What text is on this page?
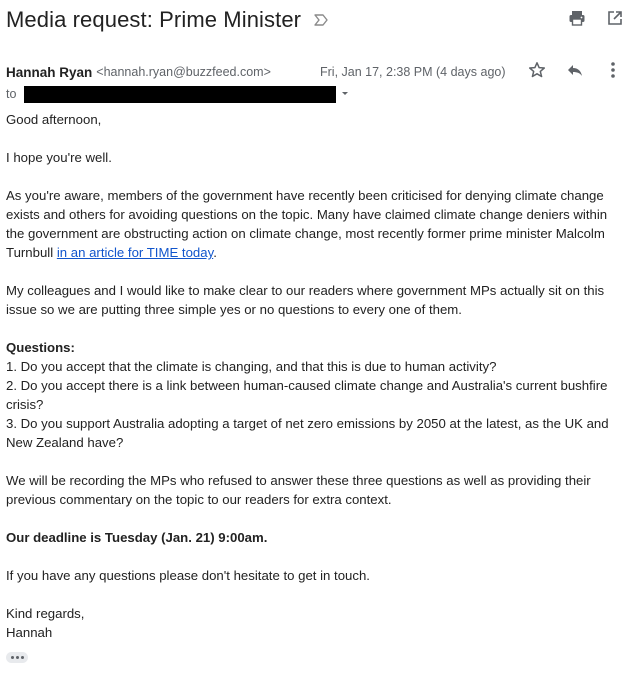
Media request: Prime Minister
Hannah Ryan <hannah.ryan@buzzfeed.com>	Fri, Jan 17, 2:38 PM (4 days ago)
to

Good afternoon,

I hope you're well.

As you're aware, members of the government have recently been criticised for denying climate change exists and others for avoiding questions on the topic. Many have claimed climate change deniers within the government are obstructing action on climate change, most recently former prime minister Malcolm Turnbull in an article for TIME today.

My colleagues and I would like to make clear to our readers where government MPs actually sit on this issue so we are putting three simple yes or no questions to every one of them.

Questions:
1. Do you accept that the climate is changing, and that this is due to human activity?
2. Do you accept there is a link between human-caused climate change and Australia's current bushfire crisis?
3. Do you support Australia adopting a target of net zero emissions by 2050 at the latest, as the UK and New Zealand have?

We will be recording the MPs who refused to answer these three questions as well as providing their previous commentary on the topic to our readers for extra context.

Our deadline is Tuesday (Jan. 21) 9:00am.

If you have any questions please don't hesitate to get in touch.

Kind regards,
Hannah
